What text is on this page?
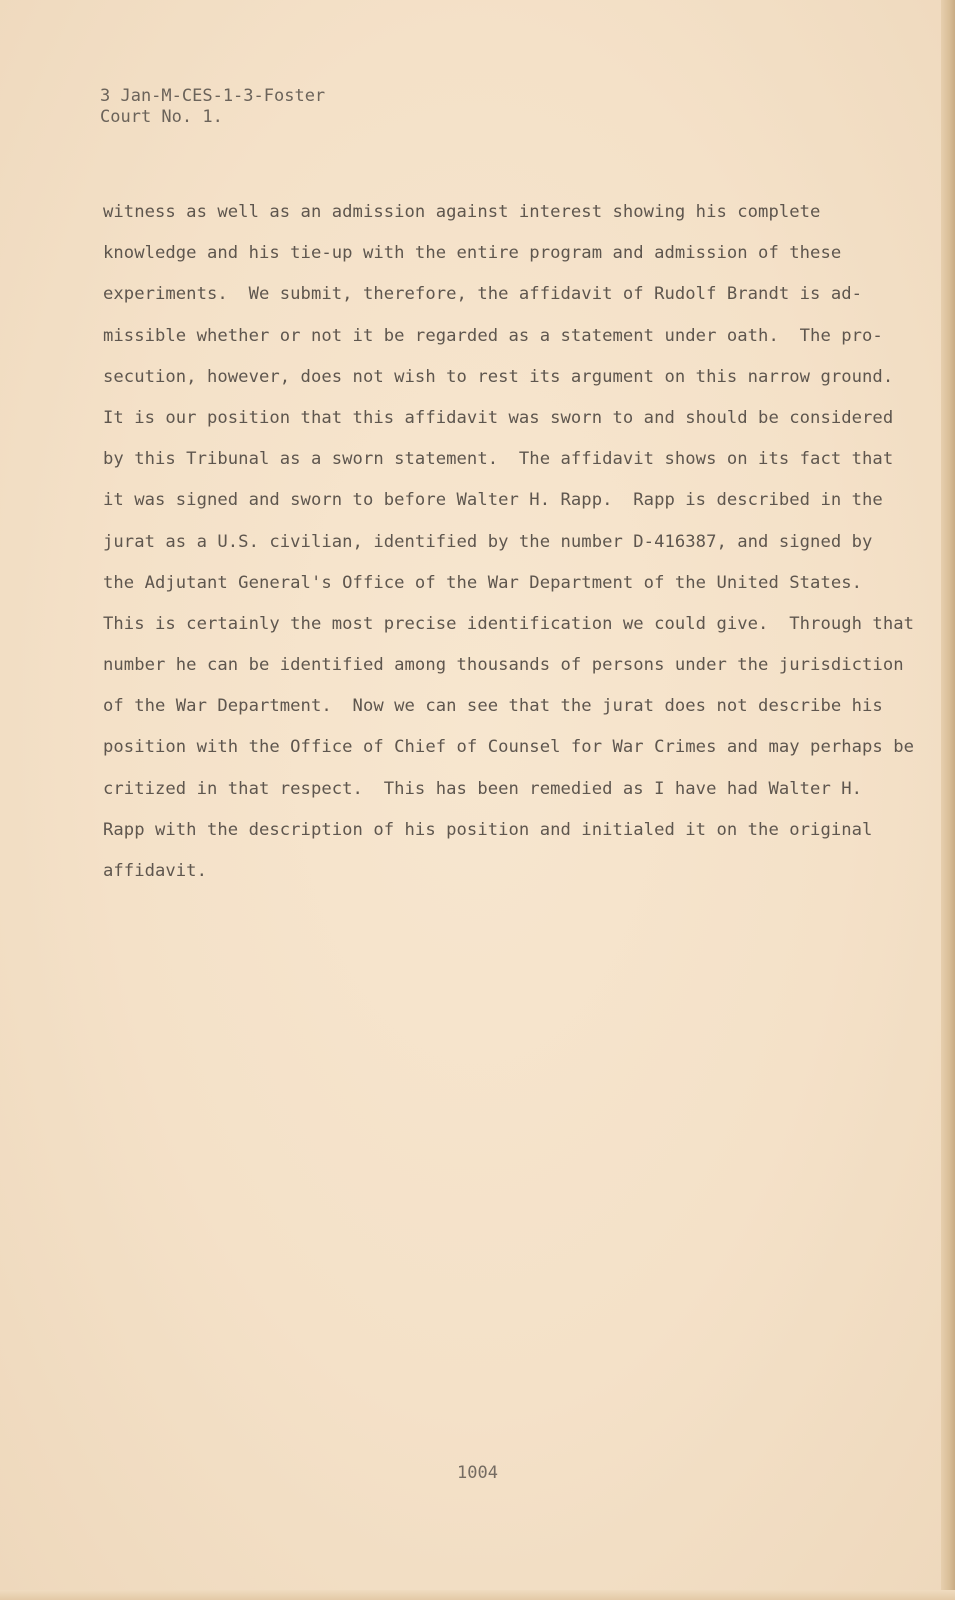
3 Jan-M-CES-1-3-Foster
Court No. 1.
witness as well as an admission against interest showing his complete
knowledge and his tie-up with the entire program and admission of these
experiments.  We submit, therefore, the affidavit of Rudolf Brandt is ad-
missible whether or not it be regarded as a statement under oath.  The pro-
secution, however, does not wish to rest its argument on this narrow ground.
It is our position that this affidavit was sworn to and should be considered
by this Tribunal as a sworn statement.  The affidavit shows on its fact that
it was signed and sworn to before Walter H. Rapp.  Rapp is described in the
jurat as a U.S. civilian, identified by the number D-416387, and signed by
the Adjutant General's Office of the War Department of the United States.
This is certainly the most precise identification we could give.  Through that
number he can be identified among thousands of persons under the jurisdiction
of the War Department.  Now we can see that the jurat does not describe his
position with the Office of Chief of Counsel for War Crimes and may perhaps be
critized in that respect.  This has been remedied as I have had Walter H.
Rapp with the description of his position and initialed it on the original
affidavit.
1004
